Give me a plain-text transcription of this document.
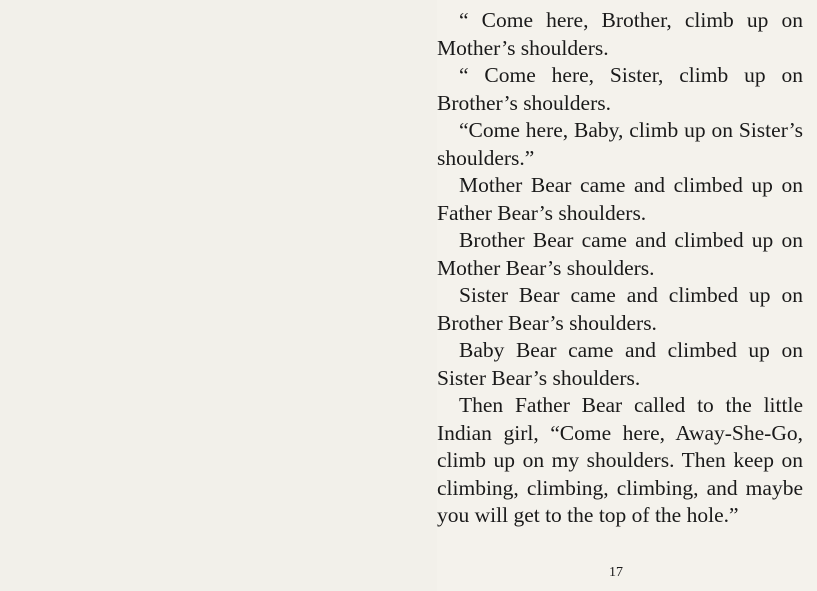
“ Come here, Brother, climb up on Mother’s shoulders.

“ Come here, Sister, climb up on Brother’s shoulders.

“Come here, Baby, climb up on Sister’s shoulders.”

Mother Bear came and climbed up on Father Bear’s shoulders.

Brother Bear came and climbed up on Mother Bear’s shoulders.

Sister Bear came and climbed up on Brother Bear’s shoulders.

Baby Bear came and climbed up on Sister Bear’s shoulders.

Then Father Bear called to the little Indian girl, “Come here, Away-She-Go, climb up on my shoulders. Then keep on climbing, climbing, climbing, and maybe you will get to the top of the hole.”

17
